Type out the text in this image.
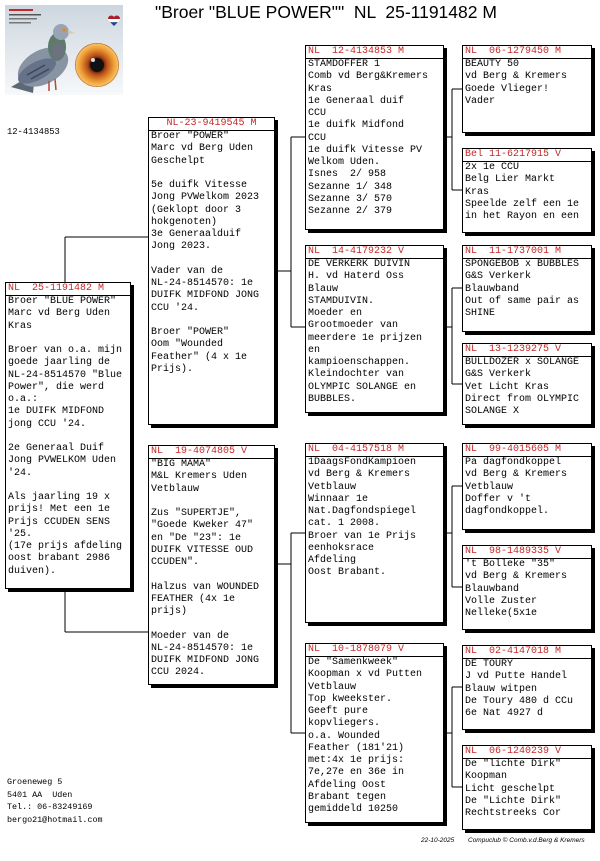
"Broer "BLUE POWER""  NL  25-1191482 M
12-4134853
NL  25-1191482 M
Broer "BLUE POWER"
Marc vd Berg Uden
Kras
Broer van o.a. mijn
goede jaarling de
NL-24-8514570 "Blue
Power", die werd
o.a.:
1e DUIFK MIDFOND
jong CCU '24.
2e Generaal Duif
Jong PVWELKOM Uden
'24.
Als jaarling 19 x
prijs! Met een 1e
Prijs CCUDEN SENS
'25.
(17e prijs afdeling
oost brabant 2986
duiven).
NL-23-9419545 M
Broer "POWER"
Marc vd Berg Uden
Geschelpt
5e duifk Vitesse
Jong PVWelkom 2023
(Geklopt door 3
hokgenoten)
3e Generaalduif
Jong 2023.
Vader van de
NL-24-8514570: 1e
DUIFK MIDFOND JONG
CCU '24.
Broer "POWER"
Oom "Wounded
Feather" (4 x 1e
Prijs).
NL  19-4074805 V
"BIG MAMA"
M&L Kremers Uden
Vetblauw
Zus "SUPERTJE",
"Goede Kweker 47"
en "De "23": 1e
DUIFK VITESSE OUD
CCUDEN".
Halzus van WOUNDED
FEATHER (4x 1e
prijs)
Moeder van de
NL-24-8514570: 1e
DUIFK MIDFOND JONG
CCU 2024.
NL  12-4134853 M
STAMDOFFER 1
Comb vd Berg&Kremers
Kras
1e Generaal duif
CCU
1e duifk Midfond
CCU
1e duifk Vitesse PV
Welkom Uden.
Isnes  2/ 958
Sezanne 1/ 348
Sezanne 3/ 570
Sezanne 2/ 379
NL  14-4179232 V
DE VERKERK DUIVIN
H. vd Haterd Oss
Blauw
STAMDUIVIN.
Moeder en
Grootmoeder van
meerdere 1e prijzen
en
kampioenschappen.
Kleindochter van
OLYMPIC SOLANGE en
BUBBLES.
NL  04-4157518 M
1DaagsFondKampioen
vd Berg & Kremers
Vetblauw
Winnaar 1e
Nat.Dagfondspiegel
cat. 1 2008.
Broer van 1e Prijs
eenhoksrace
Afdeling
Oost Brabant.
NL  10-1878079 V
De "Samenkweek"
Koopman x vd Putten
Vetblauw
Top kweekster.
Geeft pure
kopvliegers.
o.a. Wounded
Feather (181'21)
met:4x 1e prijs:
7e,27e en 36e in
Afdeling Oost
Brabant tegen
gemiddeld 10250
NL  06-1279450 M
BEAUTY 50
vd Berg & Kremers
Goede Vlieger!
Vader
Bel 11-6217915 V
2x 1e CCU
Belg Lier Markt
Kras
Speelde zelf een 1e
in het Rayon en een
NL  11-1737001 M
SPONGEBOB x BUBBLES
G&S Verkerk
Blauwband
Out of same pair as
SHINE
NL  13-1239275 V
BULLDOZER x SOLANGE
G&S Verkerk
Vet Licht Kras
Direct from OLYMPIC
SOLANGE X
NL  99-4015605 M
Pa dagfondkoppel
vd Berg & Kremers
Vetblauw
Doffer v 't
dagfondkoppel.
NL  98-1489335 V
't Bolleke "35"
vd Berg & Kremers
Blauwband
Volle Zuster
Nelleke(5x1e
NL  02-4147018 M
DE TOURY
J vd Putte Handel
Blauw witpen
De Toury 480 d CCu
6e Nat 4927 d
NL  06-1240239 V
De "lichte Dirk"
Koopman
Licht geschelpt
De "Lichte Dirk"
Rechtstreeks Cor
Groeneweg 5
5401 AA  Uden
Tel.: 06-83249169
bergo21@hotmail.com
22-10-2025 Compuclub © Comb.v.d.Berg & Kremers
